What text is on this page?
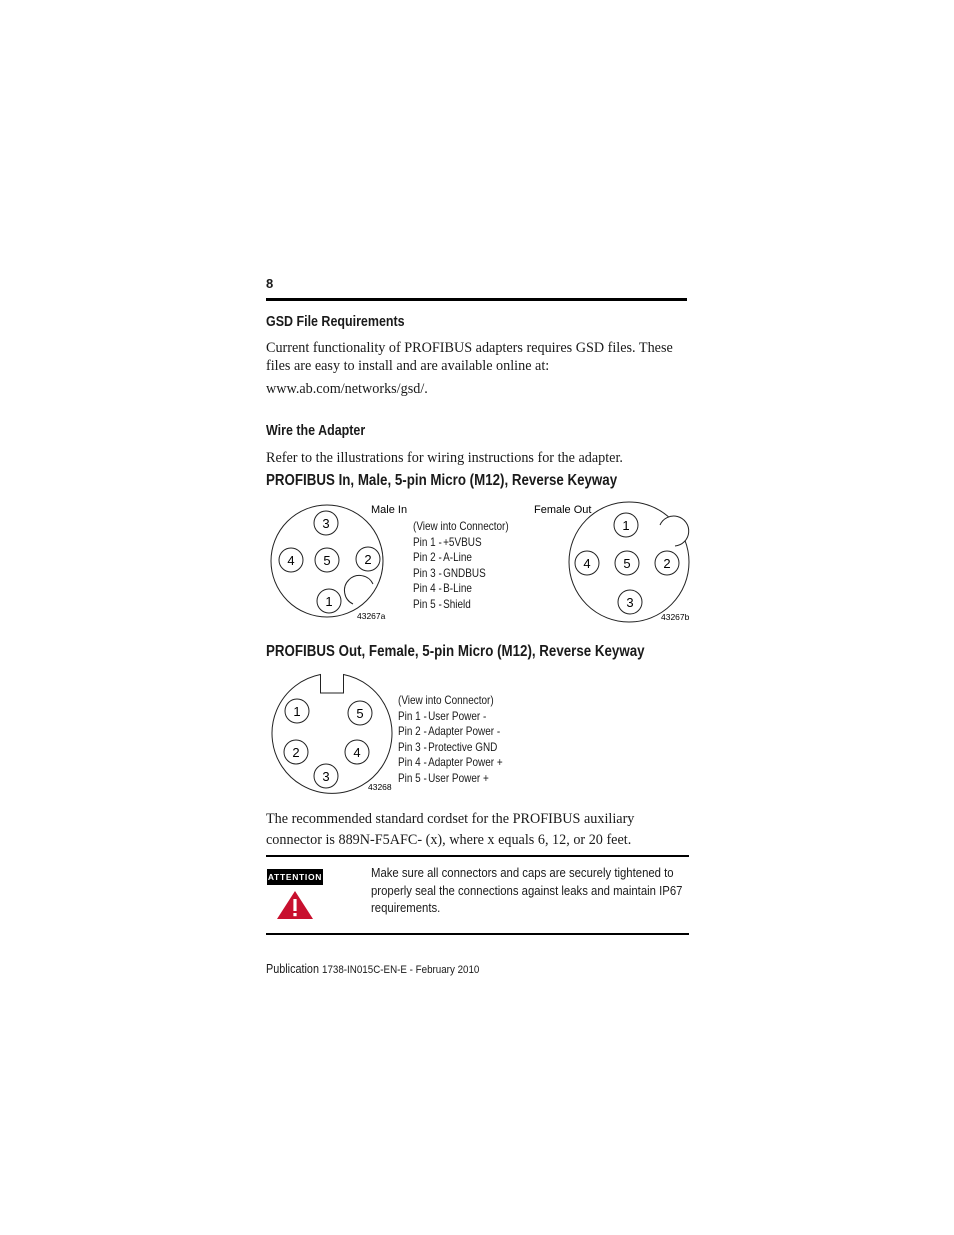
8
GSD File Requirements
Current functionality of PROFIBUS adapters requires GSD files. These files are easy to install and are available online at:
www.ab.com/networks/gsd/.
Wire the Adapter
Refer to the illustrations for wiring instructions for the adapter.
PROFIBUS In, Male, 5-pin Micro (M12), Reverse Keyway
3
4 5	2
1
Male In
43267a
1
4	5	2
3
Female Out
43267b
(View into Connector)
Pin 1 -+5VBUS
Pin 2 -A-Line
Pin 3 -GNDBUS
Pin 4 -B-Line
Pin 5 -Shield
PROFIBUS Out, Female, 5-pin Micro (M12), Reverse Keyway
1	5
2	4
3
43268
(View into Connector)
Pin 1 -User Power -
Pin 2 -Adapter Power -
Pin 3 -Protective GND
Pin 4 -Adapter Power +
Pin 5 -User Power +
The recommended standard cordset for the PROFIBUS auxiliary connector is 889N-F5AFC- (x), where x equals 6, 12, or 20 feet.
ATTENTION	Make sure all connectors and caps are securely tightened to properly seal the connections against leaks and maintain IP67 requirements.
Publication 1738-IN015C-EN-E - February 2010
